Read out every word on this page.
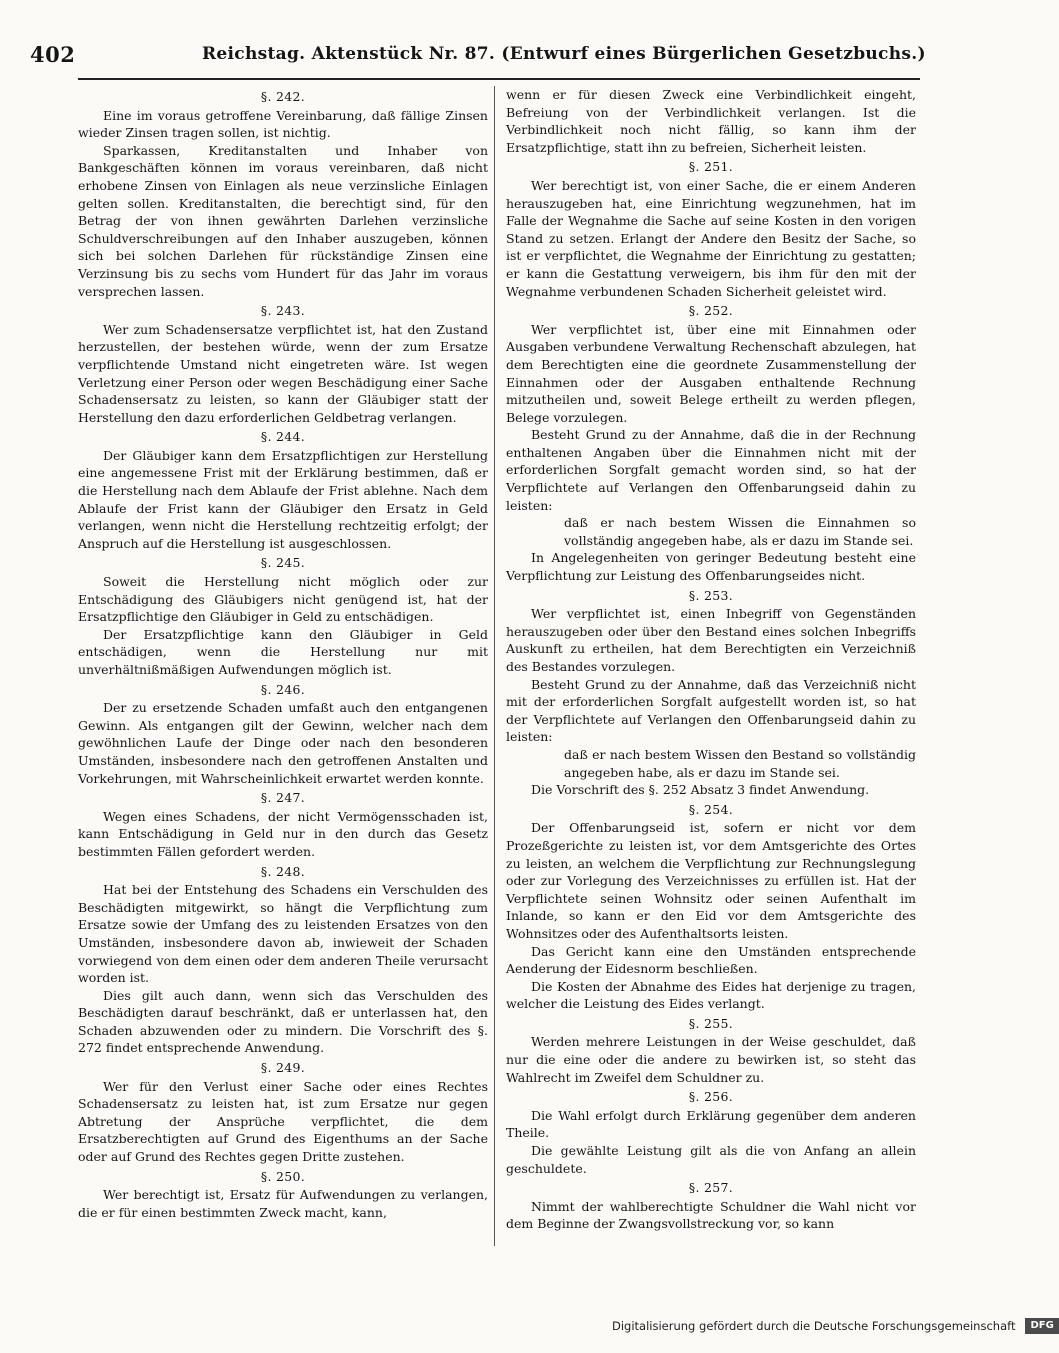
402	Reichstag. Aktenstück Nr. 87. (Entwurf eines Bürgerlichen Gesetzbuchs.)
§. 242.
Eine im voraus getroffene Vereinbarung, daß fällige Zinsen wieder Zinsen tragen sollen, ist nichtig.
Sparkassen, Kreditanstalten und Inhaber von Bankgeschäften können im voraus vereinbaren, daß nicht erhobene Zinsen von Einlagen als neue verzinsliche Einlagen gelten sollen. Kreditanstalten, die berechtigt sind, für den Betrag der von ihnen gewährten Darlehen verzinsliche Schuldverschreibungen auf den Inhaber auszugeben, können sich bei solchen Darlehen für rückständige Zinsen eine Verzinsung bis zu sechs vom Hundert für das Jahr im voraus versprechen lassen.
§. 243.
Wer zum Schadensersatze verpflichtet ist, hat den Zustand herzustellen, der bestehen würde, wenn der zum Ersatze verpflichtende Umstand nicht eingetreten wäre. Ist wegen Verletzung einer Person oder wegen Beschädigung einer Sache Schadensersatz zu leisten, so kann der Gläubiger statt der Herstellung den dazu erforderlichen Geldbetrag verlangen.
§. 244.
Der Gläubiger kann dem Ersatzpflichtigen zur Herstellung eine angemessene Frist mit der Erklärung bestimmen, daß er die Herstellung nach dem Ablaufe der Frist ablehne. Nach dem Ablaufe der Frist kann der Gläubiger den Ersatz in Geld verlangen, wenn nicht die Herstellung rechtzeitig erfolgt; der Anspruch auf die Herstellung ist ausgeschlossen.
§. 245.
Soweit die Herstellung nicht möglich oder zur Entschädigung des Gläubigers nicht genügend ist, hat der Ersatzpflichtige den Gläubiger in Geld zu entschädigen.
Der Ersatzpflichtige kann den Gläubiger in Geld entschädigen, wenn die Herstellung nur mit unverhältnißmäßigen Aufwendungen möglich ist.
§. 246.
Der zu ersetzende Schaden umfaßt auch den entgangenen Gewinn. Als entgangen gilt der Gewinn, welcher nach dem gewöhnlichen Laufe der Dinge oder nach den besonderen Umständen, insbesondere nach den getroffenen Anstalten und Vorkehrungen, mit Wahrscheinlichkeit erwartet werden konnte.
§. 247.
Wegen eines Schadens, der nicht Vermögensschaden ist, kann Entschädigung in Geld nur in den durch das Gesetz bestimmten Fällen gefordert werden.
§. 248.
Hat bei der Entstehung des Schadens ein Verschulden des Beschädigten mitgewirkt, so hängt die Verpflichtung zum Ersatze sowie der Umfang des zu leistenden Ersatzes von den Umständen, insbesondere davon ab, inwieweit der Schaden vorwiegend von dem einen oder dem anderen Theile verursacht worden ist.
Dies gilt auch dann, wenn sich das Verschulden des Beschädigten darauf beschränkt, daß er unterlassen hat, den Schaden abzuwenden oder zu mindern. Die Vorschrift des §. 272 findet entsprechende Anwendung.
§. 249.
Wer für den Verlust einer Sache oder eines Rechtes Schadensersatz zu leisten hat, ist zum Ersatze nur gegen Abtretung der Ansprüche verpflichtet, die dem Ersatzberechtigten auf Grund des Eigenthums an der Sache oder auf Grund des Rechtes gegen Dritte zustehen.
§. 250.
Wer berechtigt ist, Ersatz für Aufwendungen zu verlangen, die er für einen bestimmten Zweck macht, kann,
wenn er für diesen Zweck eine Verbindlichkeit eingeht, Befreiung von der Verbindlichkeit verlangen. Ist die Verbindlichkeit noch nicht fällig, so kann ihm der Ersatzpflichtige, statt ihn zu befreien, Sicherheit leisten.
§. 251.
Wer berechtigt ist, von einer Sache, die er einem Anderen herauszugeben hat, eine Einrichtung wegzunehmen, hat im Falle der Wegnahme die Sache auf seine Kosten in den vorigen Stand zu setzen. Erlangt der Andere den Besitz der Sache, so ist er verpflichtet, die Wegnahme der Einrichtung zu gestatten; er kann die Gestattung verweigern, bis ihm für den mit der Wegnahme verbundenen Schaden Sicherheit geleistet wird.
§. 252.
Wer verpflichtet ist, über eine mit Einnahmen oder Ausgaben verbundene Verwaltung Rechenschaft abzulegen, hat dem Berechtigten eine die geordnete Zusammenstellung der Einnahmen oder der Ausgaben enthaltende Rechnung mitzutheilen und, soweit Belege ertheilt zu werden pflegen, Belege vorzulegen.
Besteht Grund zu der Annahme, daß die in der Rechnung enthaltenen Angaben über die Einnahmen nicht mit der erforderlichen Sorgfalt gemacht worden sind, so hat der Verpflichtete auf Verlangen den Offenbarungseid dahin zu leisten:
daß er nach bestem Wissen die Einnahmen so vollständig angegeben habe, als er dazu im Stande sei.
In Angelegenheiten von geringer Bedeutung besteht eine Verpflichtung zur Leistung des Offenbarungseides nicht.
§. 253.
Wer verpflichtet ist, einen Inbegriff von Gegenständen herauszugeben oder über den Bestand eines solchen Inbegriffs Auskunft zu ertheilen, hat dem Berechtigten ein Verzeichniß des Bestandes vorzulegen.
Besteht Grund zu der Annahme, daß das Verzeichniß nicht mit der erforderlichen Sorgfalt aufgestellt worden ist, so hat der Verpflichtete auf Verlangen den Offenbarungseid dahin zu leisten:
daß er nach bestem Wissen den Bestand so vollständig angegeben habe, als er dazu im Stande sei.
Die Vorschrift des §. 252 Absatz 3 findet Anwendung.
§. 254.
Der Offenbarungseid ist, sofern er nicht vor dem Prozeßgerichte zu leisten ist, vor dem Amtsgerichte des Ortes zu leisten, an welchem die Verpflichtung zur Rechnungslegung oder zur Vorlegung des Verzeichnisses zu erfüllen ist. Hat der Verpflichtete seinen Wohnsitz oder seinen Aufenthalt im Inlande, so kann er den Eid vor dem Amtsgerichte des Wohnsitzes oder des Aufenthaltsorts leisten.
Das Gericht kann eine den Umständen entsprechende Aenderung der Eidesnorm beschließen.
Die Kosten der Abnahme des Eides hat derjenige zu tragen, welcher die Leistung des Eides verlangt.
§. 255.
Werden mehrere Leistungen in der Weise geschuldet, daß nur die eine oder die andere zu bewirken ist, so steht das Wahlrecht im Zweifel dem Schuldner zu.
§. 256.
Die Wahl erfolgt durch Erklärung gegenüber dem anderen Theile.
Die gewählte Leistung gilt als die von Anfang an allein geschuldete.
§. 257.
Nimmt der wahlberechtigte Schuldner die Wahl nicht vor dem Beginne der Zwangsvollstreckung vor, so kann
Digitalisierung gefördert durch die Deutsche Forschungsgemeinschaft DFG
